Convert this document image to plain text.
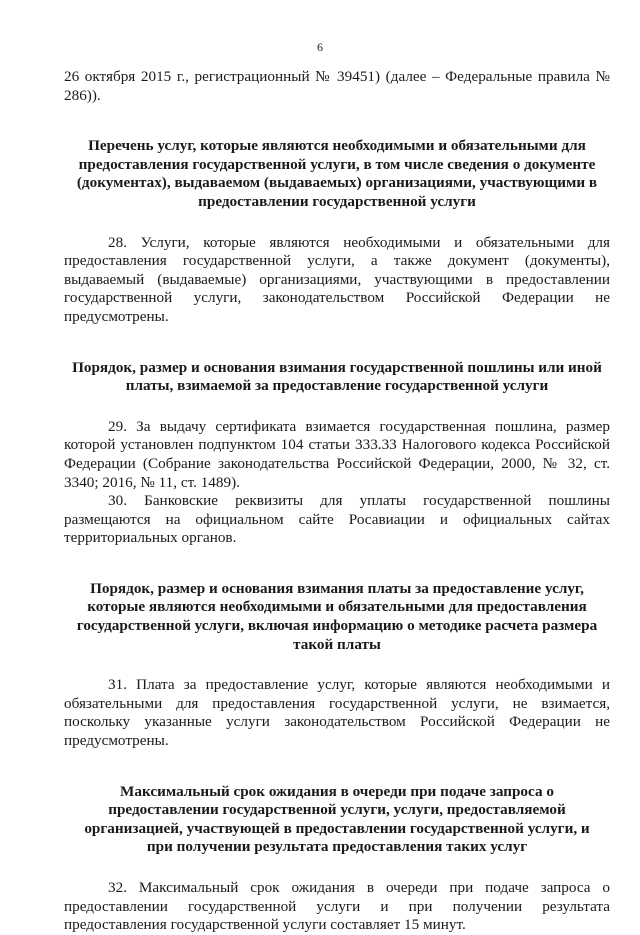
6

26 октября 2015 г., регистрационный № 39451) (далее – Федеральные правила № 286)).

Перечень услуг, которые являются необходимыми и обязательными для предоставления государственной услуги, в том числе сведения о документе (документах), выдаваемом (выдаваемых) организациями, участвующими в предоставлении государственной услуги

28. Услуги, которые являются необходимыми и обязательными для предоставления государственной услуги, а также документ (документы), выдаваемый (выдаваемые) организациями, участвующими в предоставлении государственной услуги, законодательством Российской Федерации не предусмотрены.

Порядок, размер и основания взимания государственной пошлины или иной платы, взимаемой за предоставление государственной услуги

29. За выдачу сертификата взимается государственная пошлина, размер которой установлен подпунктом 104 статьи 333.33 Налогового кодекса Российской Федерации (Собрание законодательства Российской Федерации, 2000, № 32, ст. 3340; 2016, № 11, ст. 1489).

30. Банковские реквизиты для уплаты государственной пошлины размещаются на официальном сайте Росавиации и официальных сайтах территориальных органов.

Порядок, размер и основания взимания платы за предоставление услуг, которые являются необходимыми и обязательными для предоставления государственной услуги, включая информацию о методике расчета размера такой платы

31. Плата за предоставление услуг, которые являются необходимыми и обязательными для предоставления государственной услуги, не взимается, поскольку указанные услуги законодательством Российской Федерации не предусмотрены.

Максимальный срок ожидания в очереди при подаче запроса о предоставлении государственной услуги, услуги, предоставляемой организацией, участвующей в предоставлении государственной услуги, и при получении результата предоставления таких услуг

32. Максимальный срок ожидания в очереди при подаче запроса о предоставлении государственной услуги и при получении результата предоставления государственной услуги составляет 15 минут.
